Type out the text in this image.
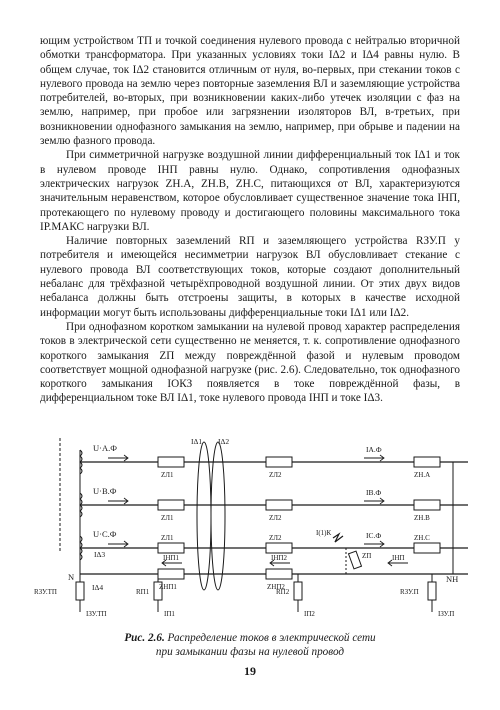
ющим устройством ТП и точкой соединения нулевого провода с нейтралью вторичной обмотки трансформатора. При указанных условиях токи IΔ2 и IΔ4 равны нулю. В общем случае, ток IΔ2 становится отличным от нуля, во-первых, при стекании токов с нулевого провода на землю через повторные заземления ВЛ и заземляющие устройства потребителей, во-вторых, при возникновении каких-либо утечек изоляции с фаз на землю, например, при пробое или загрязнении изоляторов ВЛ, в-третьих, при возникновении однофазного замыкания на землю, например, при обрыве и падении на землю фазного провода.

При симметричной нагрузке воздушной линии дифференциальный ток IΔ1 и ток в нулевом проводе IНП равны нулю. Однако, сопротивления однофазных электрических нагрузок ZН.А, ZН.В, ZН.С, питающихся от ВЛ, характеризуются значительным неравенством, которое обусловливает существенное значение тока IНП, протекающего по нулевому проводу и достигающего половины максимального тока IР.МАКС нагрузки ВЛ.

Наличие повторных заземлений RП и заземляющего устройства RЗУ.П у потребителя и имеющейся несимметрии нагрузок ВЛ обусловливает стекание с нулевого провода ВЛ соответствующих токов, которые создают дополнительный небаланс для трёхфазной четырёхпроводной воздушной линии. От этих двух видов небаланса должны быть отстроены защиты, в которых в качестве исходной информации могут быть использованы дифференциальные токи IΔ1 или IΔ2.

При однофазном коротком замыкании на нулевой провод характер распределения токов в электрической сети существенно не меняется, т. к. сопротивление однофазного короткого замыкания ZП между повреждённой фазой и нулевым проводом соответствует мощной однофазной нагрузке (рис. 2.6). Следовательно, ток однофазного короткого замыкания IОКЗ появляется в токе повреждённой фазы, в дифференциальном токе ВЛ IΔ1, токе нулевого провода IНП и токе IΔ3.

U·А.Ф
U·В.Ф
U·С.Ф
ZЛ1
ZЛ1
ZЛ1
ZЛ2
ZЛ2
ZЛ2
IА.Ф
IВ.Ф
IС.Ф
ZН.А
ZН.В
ZН.С
IΔ1 IΔ2
IΔ3
IΔ4
N	NН
IНП1	IНП2	IНП
ZНП1	ZНП2
I(1)К
ZП
RЗУ.ТП	RП1	RП2	RЗУ.П
IЗУ.ТП	IП1	IП2	IЗУ.П
Рис. 2.6. Распределение токов в электрической сети
при замыкании фазы на нулевой провод
19
